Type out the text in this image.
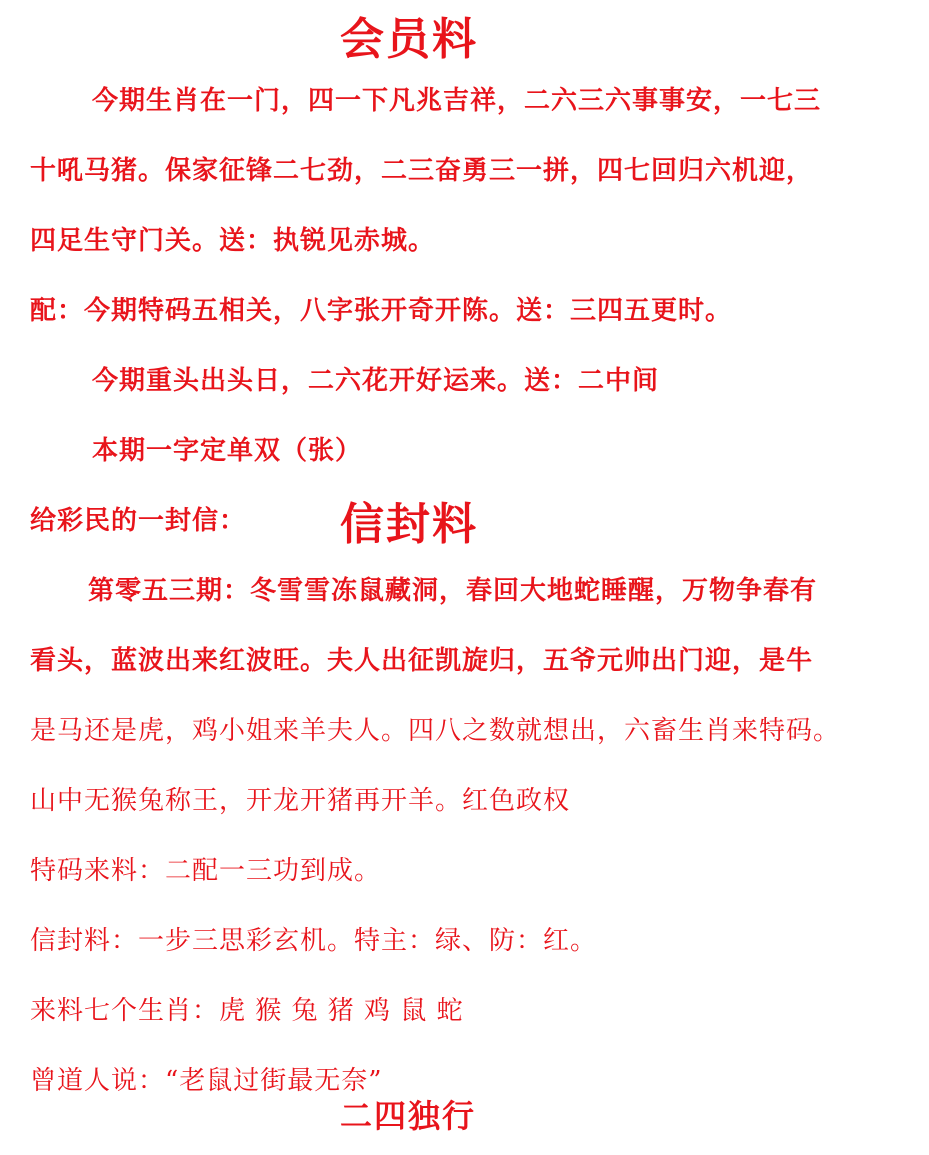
会员料
今期生肖在一门，四一下凡兆吉祥，二六三六事事安，一七三
十吼马猪。保家征锋二七劲，二三奋勇三一拼，四七回归六机迎，
四足生守门关。送：执锐见赤城。
配：今期特码五相关，八字张开奇开陈。送：三四五更时。
今期重头出头日，二六花开好运来。送：二中间
本期一字定单双（张）
给彩民的一封信： 信封料
第零五三期：冬雪雪冻鼠藏洞，春回大地蛇睡醒，万物争春有
看头，蓝波出来红波旺。夫人出征凯旋归，五爷元帅出门迎，是牛
是马还是虎，鸡小姐来羊夫人。四八之数就想出，六畜生肖来特码。
山中无猴兔称王，开龙开猪再开羊。红色政权
特码来料：二配一三功到成。
信封料：一步三思彩玄机。特主：绿、防：红。
来料七个生肖：虎 猴 兔 猪 鸡 鼠 蛇
曾道人说：“老鼠过街最无奈”
二四独行
